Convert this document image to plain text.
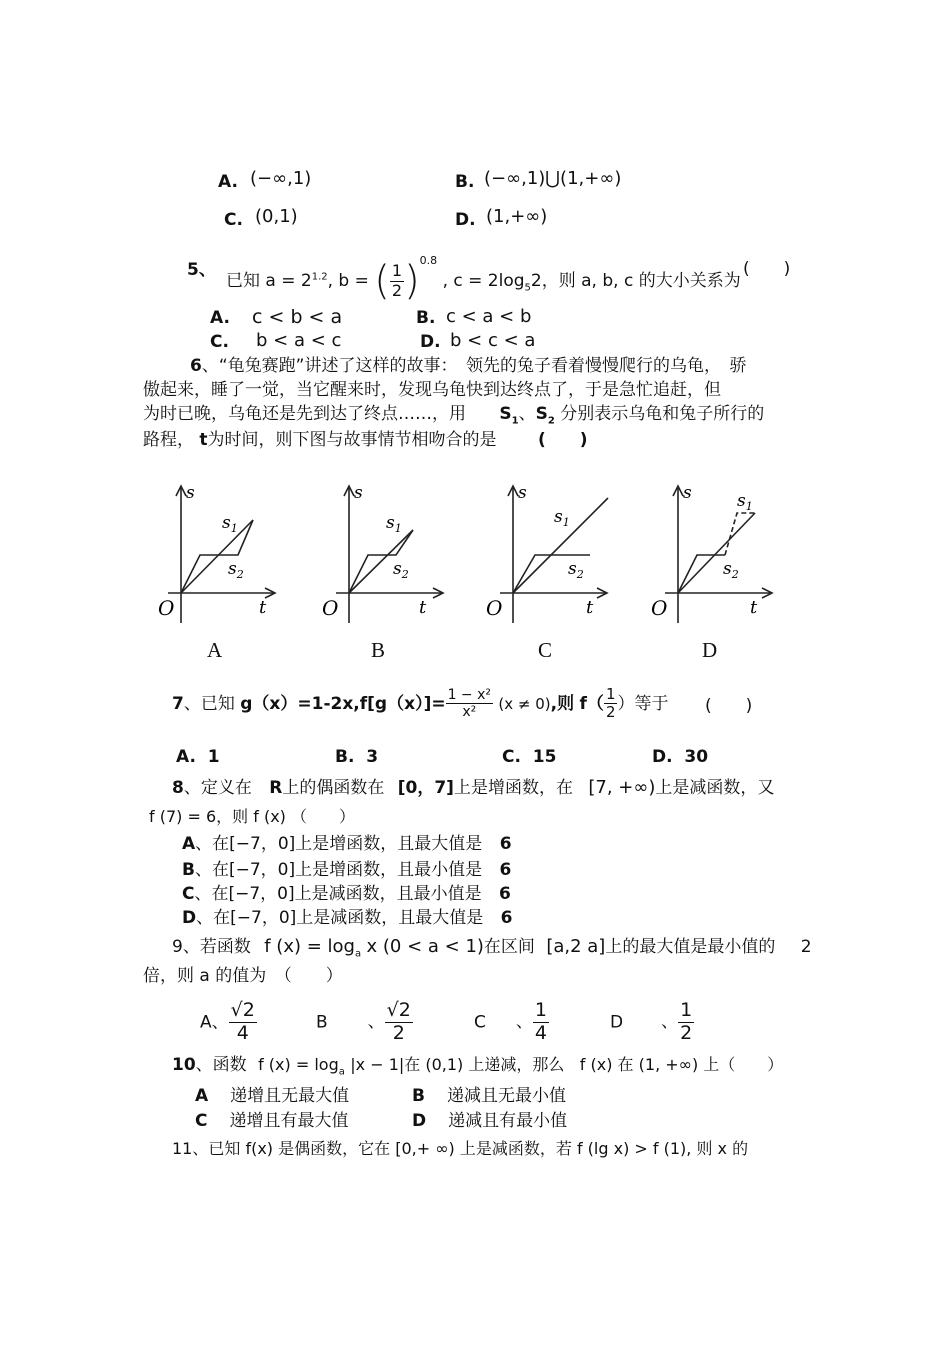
A. (−∞,1)	B. (−∞,1)⋃(1,+∞)
C. (0,1)	D. (1,+∞)
5、
已知 $a = 2^{1.2}$, b = ( $\frac{1}{2} )^{0.8}$ , $c = 2\log_52$，则 a, b, c 的大小关系为
(　　)
A. c < b < a	B. c < a < b
C. b < a < c	D. b < c < a
6、“龟兔赛跑”讲述了这样的故事：　领先的兔子看着慢慢爬行的乌龟，　骄
傲起来，睡了一觉，当它醒来时，发现乌龟快到达终点了，于是急忙追赶，但
为时已晚，乌龟还是先到达了终点……，用 $S_1$、$S_2$ 分别表示乌龟和兔子所行的
路程， t为时间，则下图与故事情节相吻合的是 (　　)
s
t
O
$s_1$
$s_2$
A
s
t
O
$s_1$
$s_2$
B
s
t
O
$s_1$
$s_2$
C
s
t
O
$s_1$
$s_2$
D
7、已知 $g(x)=1-2x,f[g(x)]= \frac{\text{1 − x²}}{\text{x²}} (x \ne 0)$,则 $f( \frac{1}{2}$ ）等于 (　　)
A. 1	B. 3	C. 15	D. 30
8、定义在 R上的偶函数在 [0，7]上是增函数，在 [7, +∞)上是减函数，又
f (7) = 6，则 f (x) （　　）
A、在[−7，0]上是增函数，且最大值是 6
B、在[−7，0]上是增函数，且最小值是 6
C、在[−7，0]上是减函数，且最小值是 6
D、在[−7，0]上是减函数，且最大值是 6
9、若函数 f $(x) = \log_a x$ (0 < a < 1)在区间 [a,2 a]上的最大值是最小值的 2
倍，则 a 的值为　（　　）
A、 $\frac{√2}{4}$	B 、 $\frac{√2}{2}$	C 、 $\frac{1}{4}$	D 、 $\frac{1}{2}$
10、函数 f $(x) = \log_a |x - 1|$在 (0,1) 上递减，那么 f (x) 在 (1, +∞) 上（　　）
A 递增且无最大值	B 递减且无最小值
C 递增且有最大值	D 递减且有最小值
11、已知 f(x) 是偶函数，它在 [0,+ ∞) 上是减函数，若 f (lg x) > f (1), 则 x 的
